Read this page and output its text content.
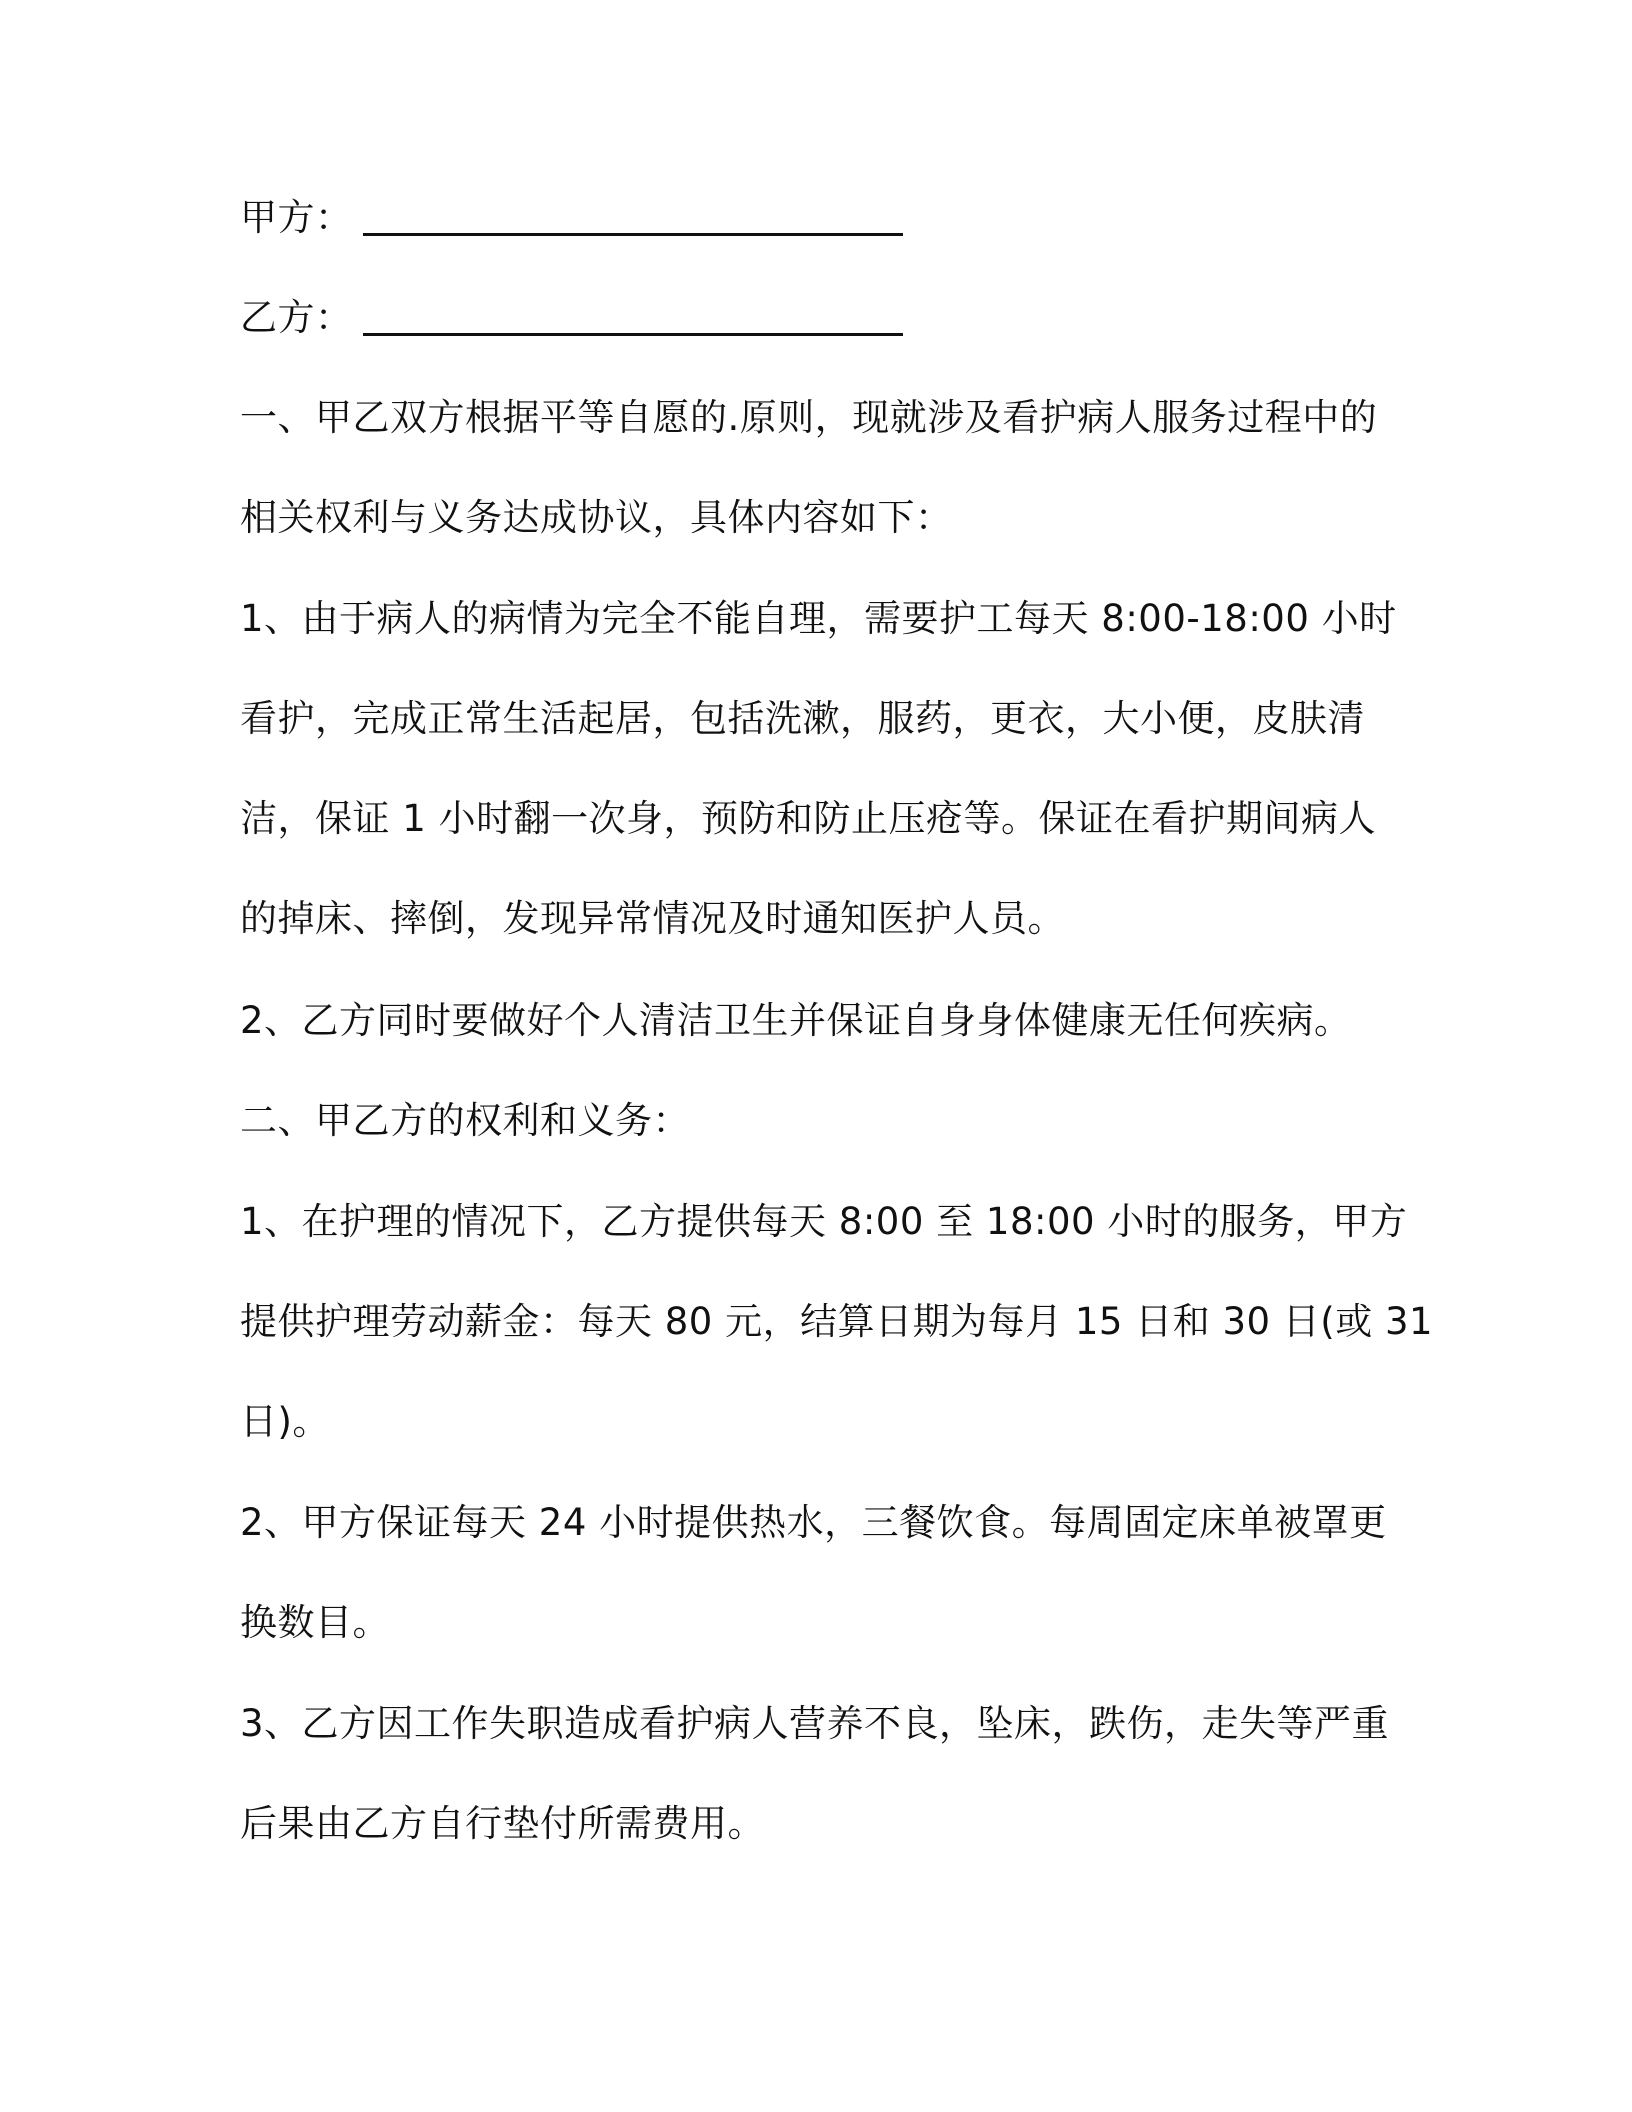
甲方：
乙方：
一、甲乙双方根据平等自愿的.原则，现就涉及看护病人服务过程中的
相关权利与义务达成协议，具体内容如下：
1、由于病人的病情为完全不能自理，需要护工每天 8:00-18:00 小时
看护，完成正常生活起居，包括洗漱，服药，更衣，大小便，皮肤清
洁，保证 1 小时翻一次身，预防和防止压疮等。保证在看护期间病人
的掉床、摔倒，发现异常情况及时通知医护人员。
2、乙方同时要做好个人清洁卫生并保证自身身体健康无任何疾病。
二、甲乙方的权利和义务：
1、在护理的情况下，乙方提供每天 8:00 至 18:00 小时的服务，甲方
提供护理劳动薪金：每天 80 元，结算日期为每月 15 日和 30 日(或 31
日)。
2、甲方保证每天 24 小时提供热水，三餐饮食。每周固定床单被罩更
换数目。
3、乙方因工作失职造成看护病人营养不良，坠床，跌伤，走失等严重
后果由乙方自行垫付所需费用。
